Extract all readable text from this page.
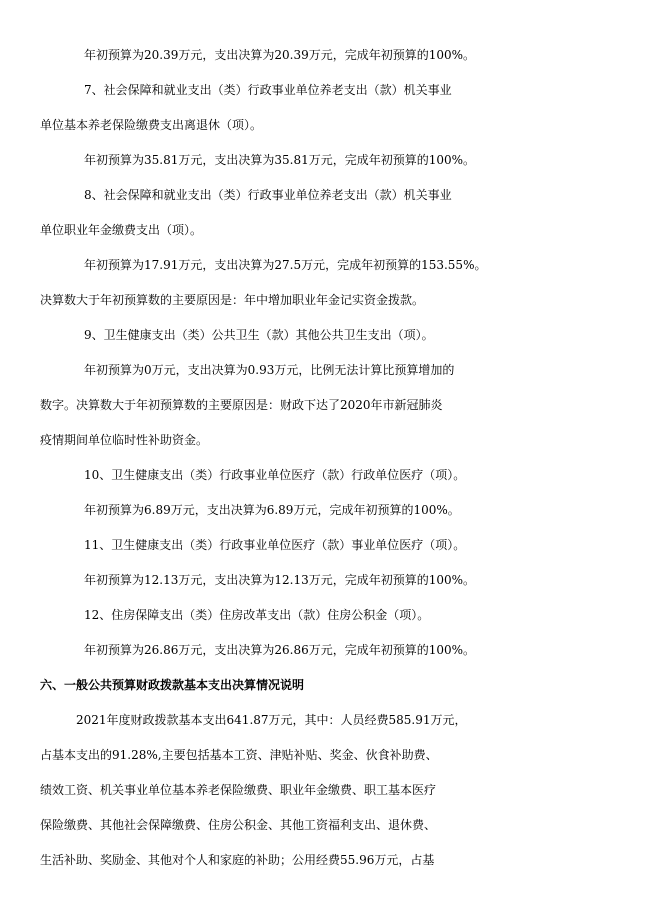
年初预算为20.39万元，支出决算为20.39万元，完成年初预算的100%。
7、社会保障和就业支出（类）行政事业单位养老支出（款）机关事业
单位基本养老保险缴费支出离退休（项）。
年初预算为35.81万元，支出决算为35.81万元，完成年初预算的100%。
8、社会保障和就业支出（类）行政事业单位养老支出（款）机关事业
单位职业年金缴费支出（项）。
年初预算为17.91万元，支出决算为27.5万元，完成年初预算的153.55%。
决算数大于年初预算数的主要原因是：年中增加职业年金记实资金拨款。
9、卫生健康支出（类）公共卫生（款）其他公共卫生支出（项）。
年初预算为0万元，支出决算为0.93万元，比例无法计算比预算增加的
数字。决算数大于年初预算数的主要原因是：财政下达了2020年市新冠肺炎
疫情期间单位临时性补助资金。
10、卫生健康支出（类）行政事业单位医疗（款）行政单位医疗（项）。
年初预算为6.89万元，支出决算为6.89万元，完成年初预算的100%。
11、卫生健康支出（类）行政事业单位医疗（款）事业单位医疗（项）。
年初预算为12.13万元，支出决算为12.13万元，完成年初预算的100%。
12、住房保障支出（类）住房改革支出（款）住房公积金（项）。
年初预算为26.86万元，支出决算为26.86万元，完成年初预算的100%。
六、一般公共预算财政拨款基本支出决算情况说明
2021年度财政拨款基本支出641.87万元，其中：人员经费585.91万元，
占基本支出的91.28%,主要包括基本工资、津贴补贴、奖金、伙食补助费、
绩效工资、机关事业单位基本养老保险缴费、职业年金缴费、职工基本医疗
保险缴费、其他社会保障缴费、住房公积金、其他工资福利支出、退休费、
生活补助、奖励金、其他对个人和家庭的补助；公用经费55.96万元，占基
